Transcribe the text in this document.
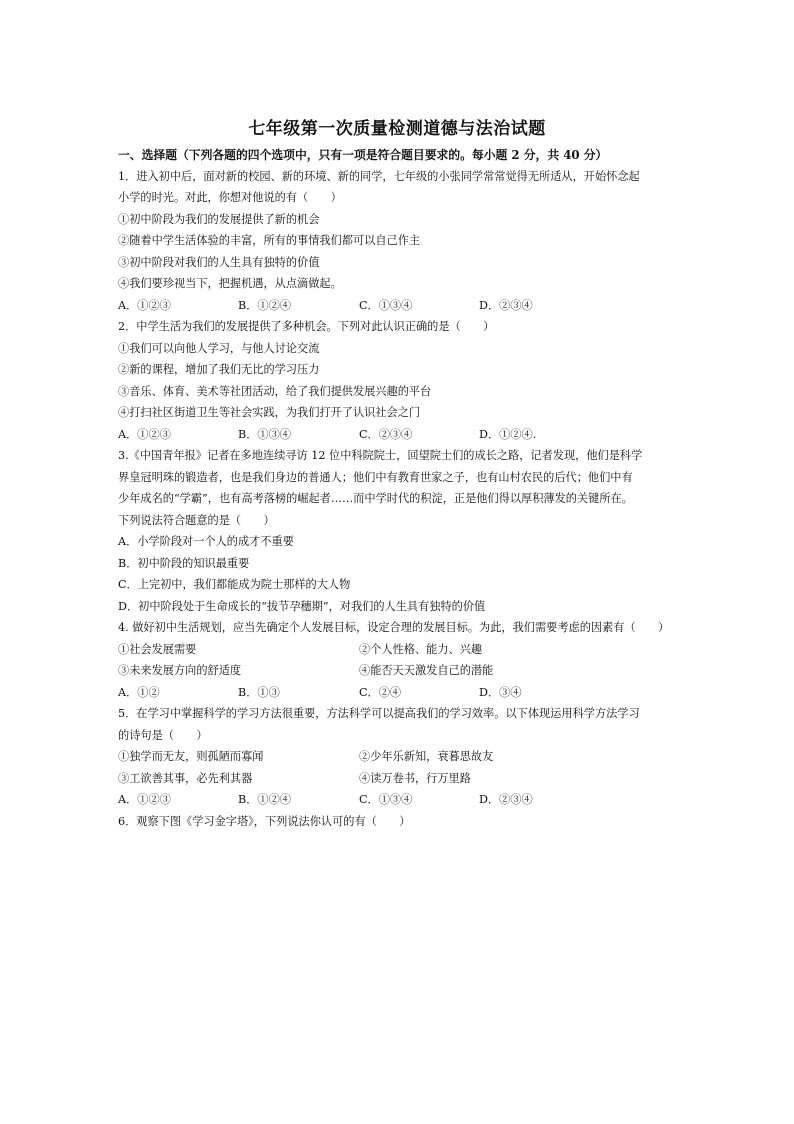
七年级第一次质量检测道德与法治试题
一、选择题（下列各题的四个选项中，只有一项是符合题目要求的。每小题 2 分，共 40 分）
1．进入初中后，面对新的校园、新的环境、新的同学，七年级的小张同学常常觉得无所适从，开始怀念起
小学的时光。对此，你想对他说的有（　　）
①初中阶段为我们的发展提供了新的机会
②随着中学生活体验的丰富，所有的事情我们都可以自己作主
③初中阶段对我们的人生具有独特的价值
④我们要珍视当下，把握机遇，从点滴做起。
A．①②③	B．①②④	C．①③④	D．②③④
2．中学生活为我们的发展提供了多种机会。下列对此认识正确的是（　　）
①我们可以向他人学习，与他人讨论交流
②新的课程，增加了我们无比的学习压力
③音乐、体育、美术等社团活动，给了我们提供发展兴趣的平台
④打扫社区街道卫生等社会实践，为我们打开了认识社会之门
A．①②③	B．①③④	C．②③④	D．①②④.
3.《中国青年报》记者在多地连续寻访 12 位中科院院士，回望院士们的成长之路，记者发现，他们是科学
界皇冠明珠的锻造者，也是我们身边的普通人；他们中有教育世家之子，也有山村农民的后代；他们中有
少年成名的“学霸”，也有高考落榜的崛起者……而中学时代的积淀，正是他们得以厚积薄发的关键所在。
下列说法符合题意的是（　　）
A．小学阶段对一个人的成才不重要
B．初中阶段的知识最重要
C．上完初中，我们都能成为院士那样的大人物
D．初中阶段处于生命成长的“拔节孕穗期”，对我们的人生具有独特的价值
4. 做好初中生活规划，应当先确定个人发展目标，设定合理的发展目标。为此，我们需要考虑的因素有（　　）
①社会发展需要	②个人性格、能力、兴趣
③未来发展方向的舒适度	④能否天天激发自己的潜能
A．①②	B．①③	C．②④	D．③④
5．在学习中掌握科学的学习方法很重要，方法科学可以提高我们的学习效率。以下体现运用科学方法学习
的诗句是（　　）
①独学而无友，则孤陋而寡闻	②少年乐新知，衰暮思故友
③工欲善其事，必先利其器	④读万卷书，行万里路
A．①②③	B．①②④	C．①③④	D．②③④
6．观察下图《学习金字塔》，下列说法你认可的有（　　）
